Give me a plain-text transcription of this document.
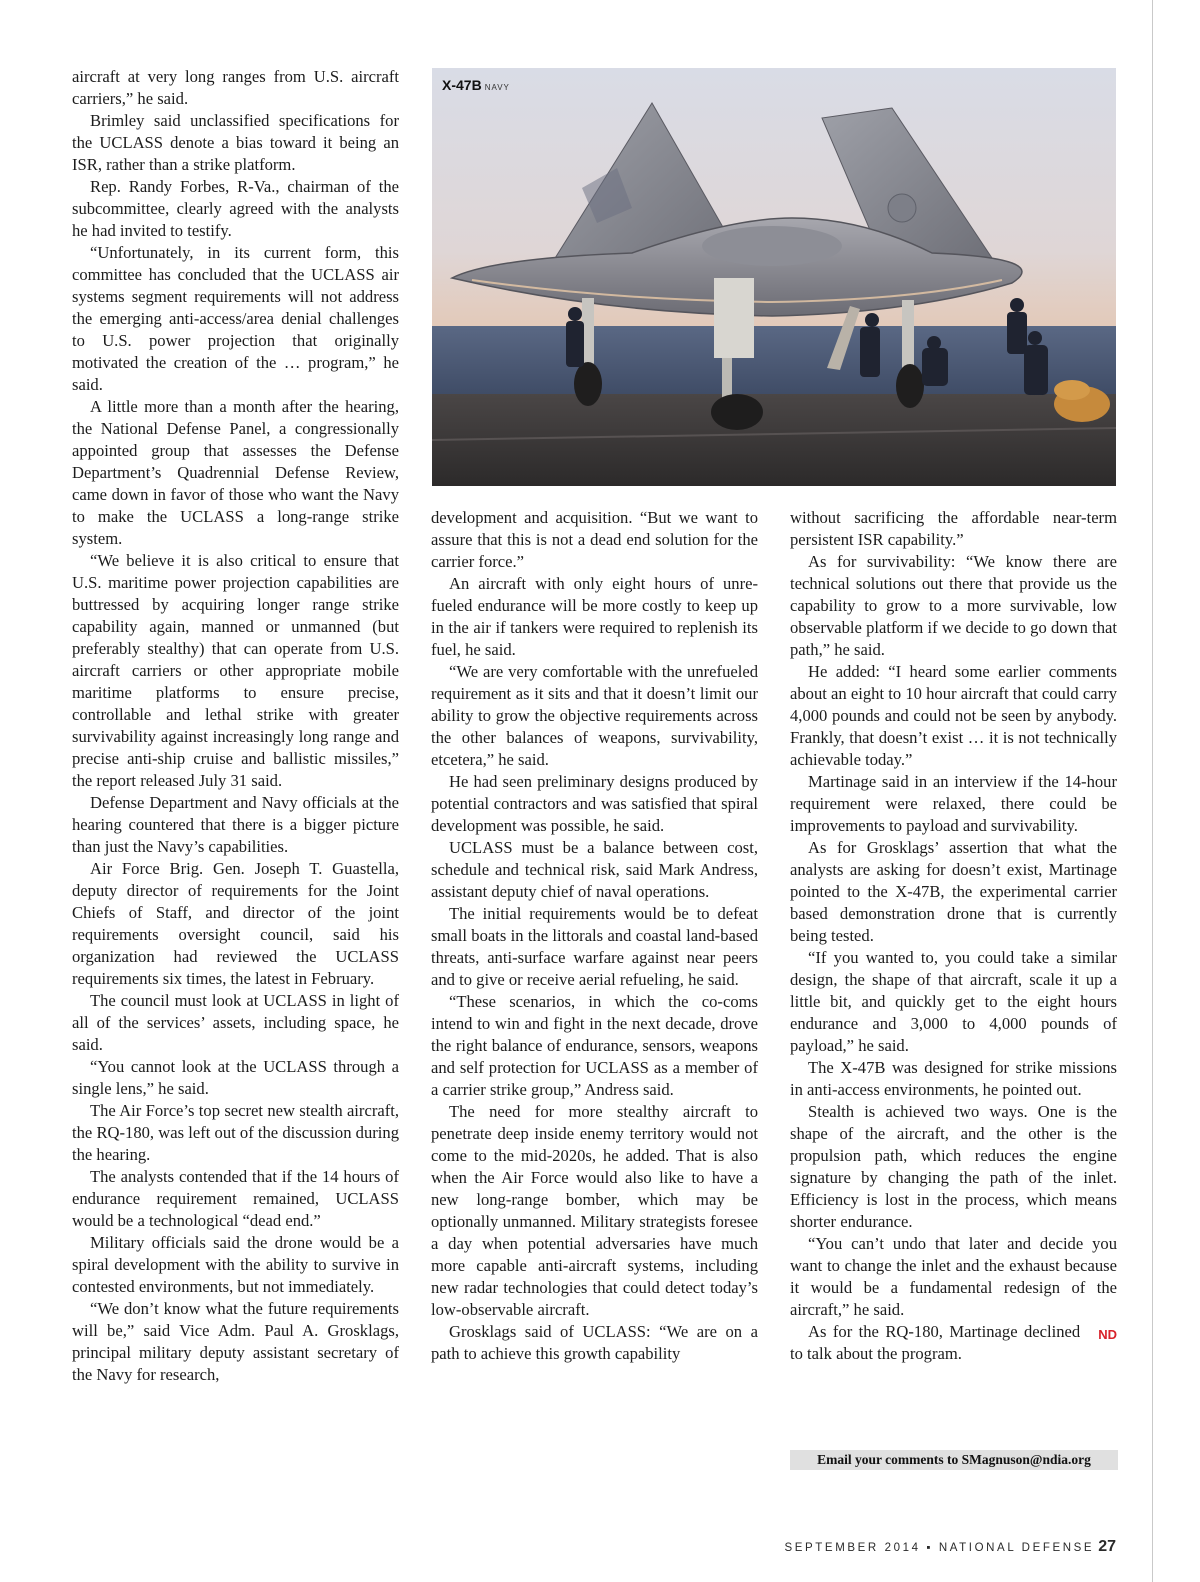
aircraft at very long ranges from U.S. aircraft carriers,” he said.

Brimley said unclassified specifications for the UCLASS denote a bias toward it being an ISR, rather than a strike platform.

Rep. Randy Forbes, R-Va., chairman of the subcommittee, clearly agreed with the analysts he had invited to testify.

“Unfortunately, in its current form, this committee has concluded that the UCLASS air systems segment requirements will not address the emerging anti-access/area denial challenges to U.S. power projection that originally motivated the creation of the … program,” he said.

A little more than a month after the hearing, the National Defense Panel, a congressionally appointed group that assesses the Defense Department’s Quadrennial Defense Review, came down in favor of those who want the Navy to make the UCLASS a long-range strike system.

“We believe it is also critical to ensure that U.S. maritime power projection capabilities are buttressed by acquiring longer range strike capability again, manned or unmanned (but preferably stealthy) that can operate from U.S. aircraft carriers or other appropriate mobile maritime platforms to ensure precise, controllable and lethal strike with greater survivability against increasingly long range and precise anti-ship cruise and ballistic missiles,” the report released July 31 said.

Defense Department and Navy officials at the hearing countered that there is a bigger picture than just the Navy’s capabilities.

Air Force Brig. Gen. Joseph T. Guastella, deputy director of requirements for the Joint Chiefs of Staff, and director of the joint requirements oversight council, said his organization had reviewed the UCLASS requirements six times, the latest in February.

The council must look at UCLASS in light of all of the services’ assets, including space, he said.

“You cannot look at the UCLASS through a single lens,” he said.

The Air Force’s top secret new stealth aircraft, the RQ-180, was left out of the discussion during the hearing.

The analysts contended that if the 14 hours of endurance requirement remained, UCLASS would be a technological “dead end.”

Military officials said the drone would be a spiral development with the ability to survive in contested environments, but not immediately.

“We don’t know what the future requirements will be,” said Vice Adm. Paul A. Grosklags, principal military deputy assistant secretary of the Navy for research,

X-47B NAVY

development and acquisition. “But we want to assure that this is not a dead end solution for the carrier force.”

An aircraft with only eight hours of unrefueled endurance will be more costly to keep up in the air if tankers were required to replenish its fuel, he said.

“We are very comfortable with the unrefueled requirement as it sits and that it doesn’t limit our ability to grow the objective requirements across the other balances of weapons, survivability, etcetera,” he said.

He had seen preliminary designs produced by potential contractors and was satisfied that spiral development was possible, he said.

UCLASS must be a balance between cost, schedule and technical risk, said Mark Andress, assistant deputy chief of naval operations.

The initial requirements would be to defeat small boats in the littorals and coastal land-based threats, anti-surface warfare against near peers and to give or receive aerial refueling, he said.

“These scenarios, in which the co-coms intend to win and fight in the next decade, drove the right balance of endurance, sensors, weapons and self protection for UCLASS as a member of a carrier strike group,” Andress said.

The need for more stealthy aircraft to penetrate deep inside enemy territory would not come to the mid-2020s, he added. That is also when the Air Force would also like to have a new long-range bomber, which may be optionally unmanned. Military strategists foresee a day when potential adversaries have much more capable anti-aircraft systems, including new radar technologies that could detect today’s low-observable aircraft.

Grosklags said of UCLASS: “We are on a path to achieve this growth capability

without sacrificing the affordable near-term persistent ISR capability.”

As for survivability: “We know there are technical solutions out there that provide us the capability to grow to a more survivable, low observable platform if we decide to go down that path,” he said.

He added: “I heard some earlier comments about an eight to 10 hour aircraft that could carry 4,000 pounds and could not be seen by anybody. Frankly, that doesn’t exist … it is not technically achievable today.”

Martinage said in an interview if the 14-hour requirement were relaxed, there could be improvements to payload and survivability.

As for Grosklags’ assertion that what the analysts are asking for doesn’t exist, Martinage pointed to the X-47B, the experimental carrier based demonstration drone that is currently being tested.

“If you wanted to, you could take a similar design, the shape of that aircraft, scale it up a little bit, and quickly get to the eight hours endurance and 3,000 to 4,000 pounds of payload,” he said.

The X-47B was designed for strike missions in anti-access environments, he pointed out.

Stealth is achieved two ways. One is the shape of the aircraft, and the other is the propulsion path, which reduces the engine signature by changing the path of the inlet. Efficiency is lost in the process, which means shorter endurance.

“You can’t undo that later and decide you want to change the inlet and the exhaust because it would be a fundamental redesign of the aircraft,” he said.

ND
As for the RQ-180, Martinage declined to talk about the program.

Email your comments to SMagnuson@ndia.org
SEPTEMBER 2014 ▪ NATIONAL DEFENSE 27
